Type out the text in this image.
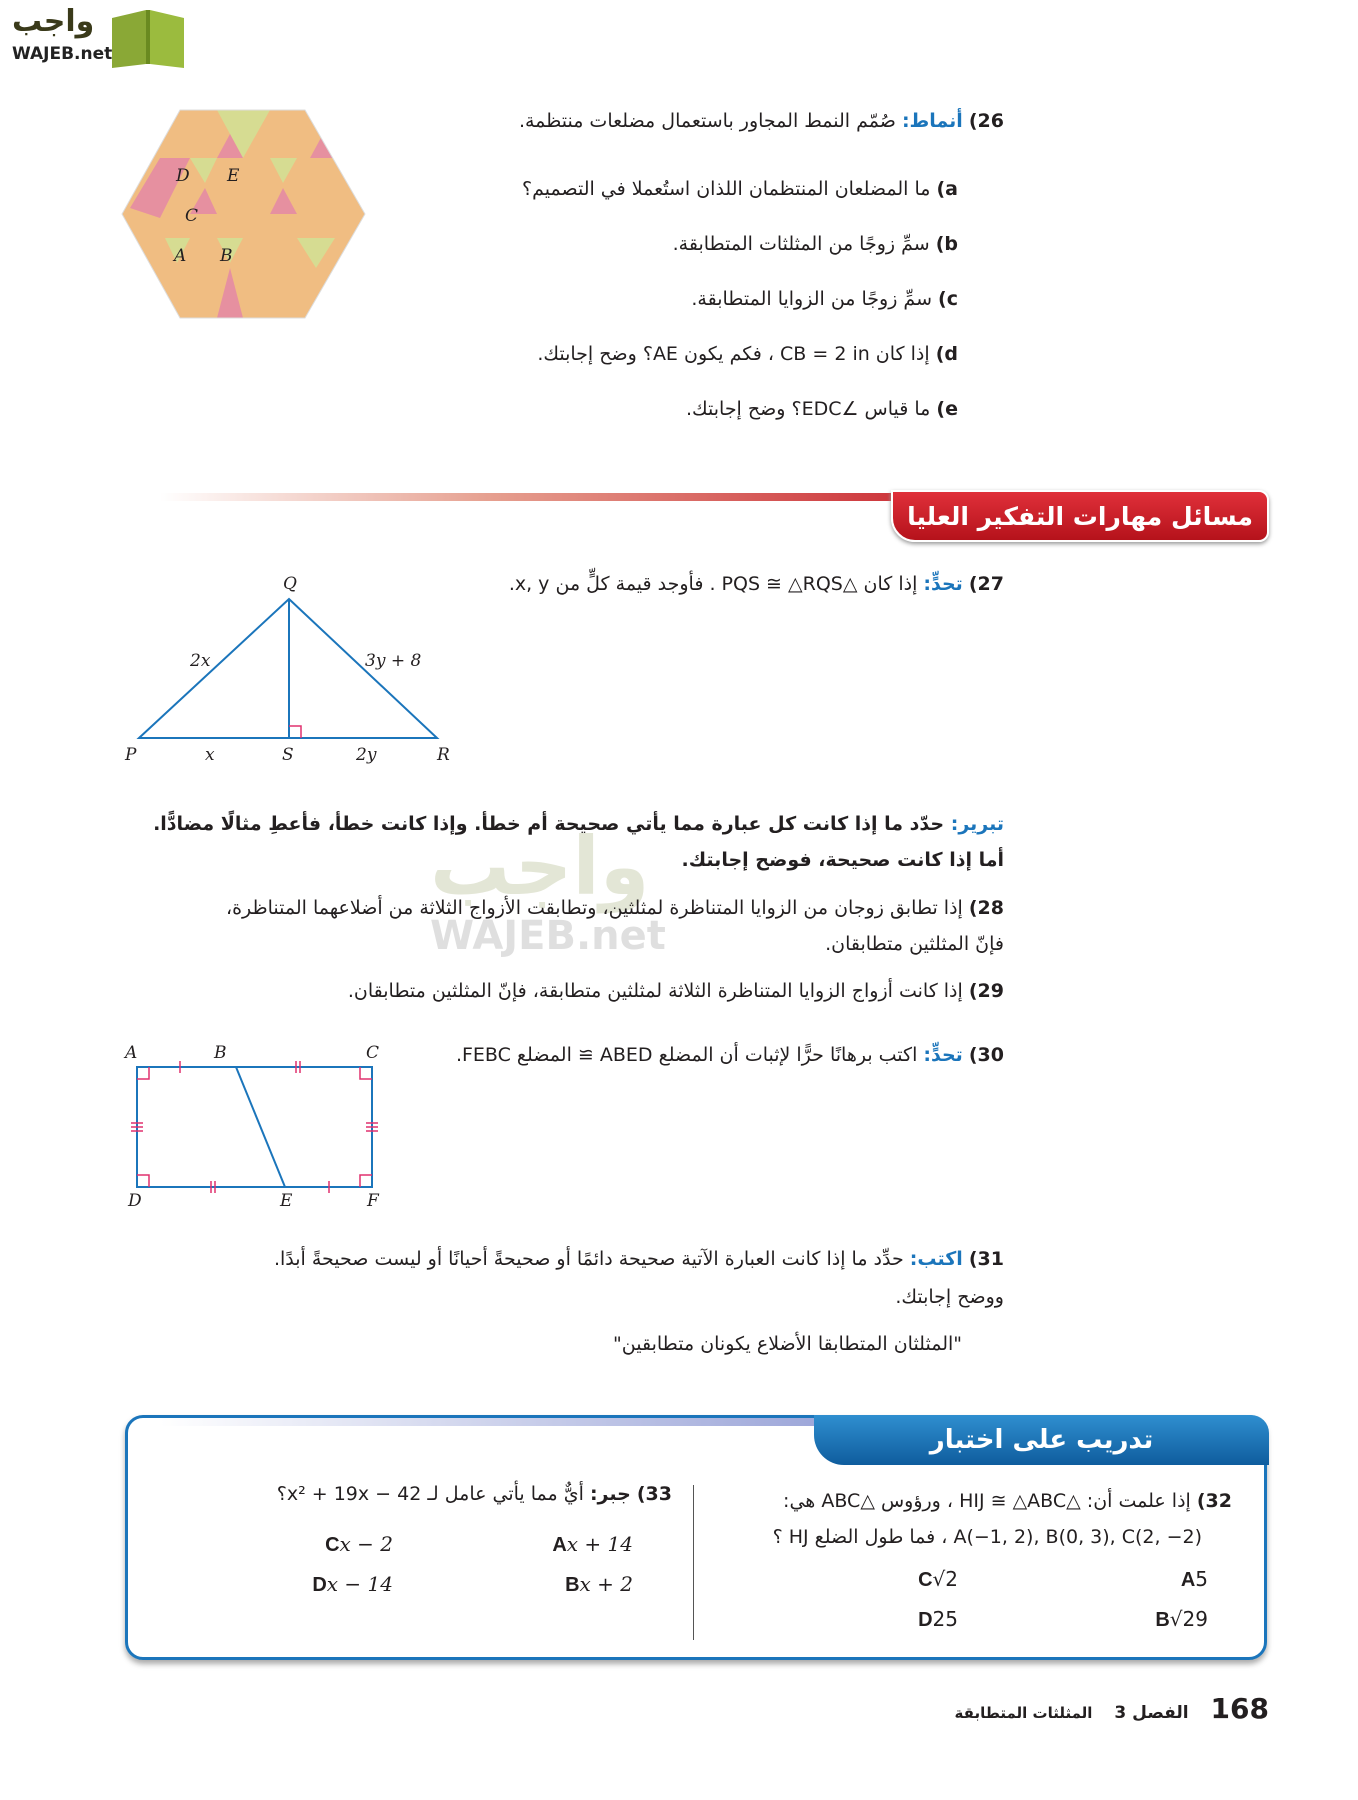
واجب
WAJEB.net
D E
C
A B
26) أنماط: صُمّم النمط المجاور باستعمال مضلعات منتظمة.
a) ما المضلعان المنتظمان اللذان استُعملا في التصميم؟
b) سمِّ زوجًا من المثلثات المتطابقة.
c) سمِّ زوجًا من الزوايا المتطابقة.
d) إذا كان CB = 2 in ، فكم يكون AE؟ وضح إجابتك.
e) ما قياس ∠EDC؟ وضح إجابتك.
مسائل مهارات التفكير العليا
27) تحدٍّ: إذا كان △PQS ≅ △RQS . فأوجد قيمة كلٍّ من x, y.
Q
P	S	R
2x	3y + 8
x	2y
واجب
WAJEB.net
تبرير: حدّد ما إذا كانت كل عبارة مما يأتي صحيحة أم خطأ. وإذا كانت خطأ، فأعطِ مثالًا مضادًّا. أما إذا كانت صحيحة، فوضح إجابتك.
28) إذا تطابق زوجان من الزوايا المتناظرة لمثلثين، وتطابقت الأزواج الثلاثة من أضلاعهما المتناظرة، فإنّ المثلثين متطابقان.
29) إذا كانت أزواج الزوايا المتناظرة الثلاثة لمثلثين متطابقة، فإنّ المثلثين متطابقان.
30) تحدٍّ: اكتب برهانًا حرًّا لإثبات أن المضلع ABED ≅ المضلع FEBC.
A	B	C
D	E	F
31) اكتب: حدِّد ما إذا كانت العبارة الآتية صحيحة دائمًا أو صحيحةً أحيانًا أو ليست صحيحةً أبدًا. ووضح إجابتك.
"المثلثان المتطابقا الأضلاع يكونان متطابقين"
تدريب على اختبار
32) إذا علمت أن: △HIJ ≅ △ABC ، ورؤوس △ABC هي:
A(−1, 2), B(0, 3), C(2, −2) ، فما طول الضلع HJ ؟
A5
B√29
C√2
D25
33) جبر: أيٌّ مما يأتي عامل لـ x² + 19x − 42؟
Ax + 14
Bx + 2
Cx − 2
Dx − 14
المثلثات المتطابقة الفصل 3 168
